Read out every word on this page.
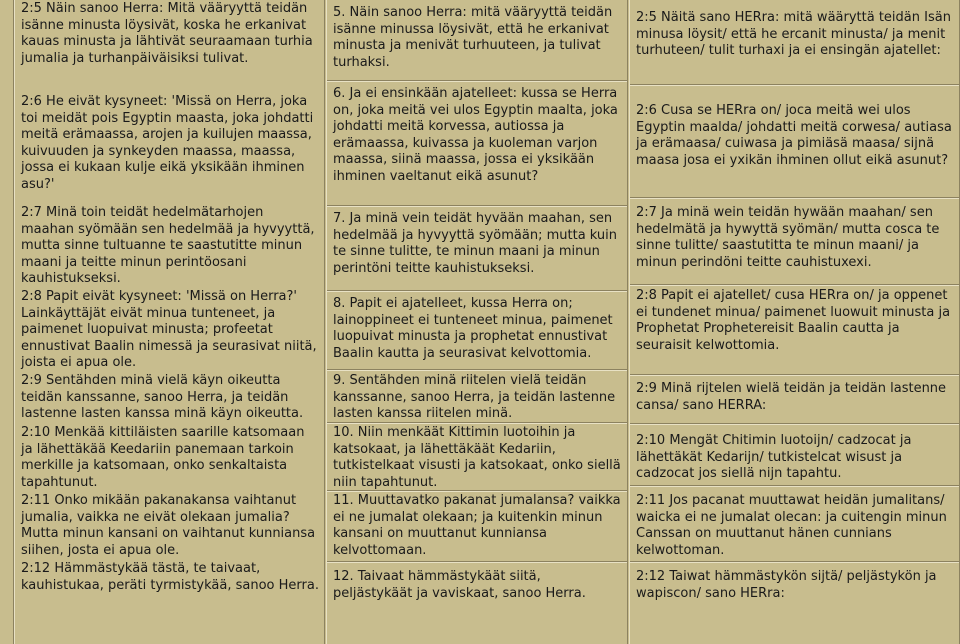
2:5 Näin sanoo Herra: Mitä vääryyttä teidän isänne minusta löysivät, koska he erkanivat kauas minusta ja lähtivät seuraamaan turhia jumalia ja turhanpäiväisiksi tulivat.

2:6 He eivät kysyneet: 'Missä on Herra, joka toi meidät pois Egyptin maasta, joka johdatti meitä erämaassa, arojen ja kuilujen maassa, kuivuuden ja synkeyden maassa, maassa, jossa ei kukaan kulje eikä yksikään ihminen asu?'

2:7 Minä toin teidät hedelmätarhojen maahan syömään sen hedelmää ja hyvyyttä, mutta sinne tultuanne te saastutitte minun maani ja teitte minun perintöosani kauhistukseksi.

2:8 Papit eivät kysyneet: 'Missä on Herra?' Lainkäyttäjät eivät minua tunteneet, ja paimenet luopuivat minusta; profeetat ennustivat Baalin nimessä ja seurasivat niitä, joista ei apua ole.

2:9 Sentähden minä vielä käyn oikeutta teidän kanssanne, sanoo Herra, ja teidän lastenne lasten kanssa minä käyn oikeutta.

2:10 Menkää kittiläisten saarille katsomaan ja lähettäkää Keedariin panemaan tarkoin merkille ja katsomaan, onko senkaltaista tapahtunut.

2:11 Onko mikään pakanakansa vaihtanut jumalia, vaikka ne eivät olekaan jumalia? Mutta minun kansani on vaihtanut kunniansa siihen, josta ei apua ole.

2:12 Hämmästykää tästä, te taivaat, kauhistukaa, peräti tyrmistykää, sanoo Herra.

5. Näin sanoo Herra: mitä vääryyttä teidän isänne minussa löysivät, että he erkanivat minusta ja menivät turhuuteen, ja tulivat turhaksi.

6. Ja ei ensinkään ajatelleet: kussa se Herra on, joka meitä vei ulos Egyptin maalta, joka johdatti meitä korvessa, autiossa ja erämaassa, kuivassa ja kuoleman varjon maassa, siinä maassa, jossa ei yksikään ihminen vaeltanut eikä asunut?

7. Ja minä vein teidät hyvään maahan, sen hedelmää ja hyvyyttä syömään; mutta kuin te sinne tulitte, te minun maani ja minun perintöni teitte kauhistukseksi.

8. Papit ei ajatelleet, kussa Herra on; lainoppineet ei tunteneet minua, paimenet luopuivat minusta ja prophetat ennustivat Baalin kautta ja seurasivat kelvottomia.

9. Sentähden minä riitelen vielä teidän kanssanne, sanoo Herra, ja teidän lastenne lasten kanssa riitelen minä.

10. Niin menkäät Kittimin luotoihin ja katsokaat, ja lähettäkäät Kedariin, tutkistelkaat visusti ja katsokaat, onko siellä niin tapahtunut.

11. Muuttavatko pakanat jumalansa? vaikka ei ne jumalat olekaan; ja kuitenkin minun kansani on muuttanut kunniansa kelvottomaan.

12. Taivaat hämmästykäät siitä, peljästykäät ja vaviskaat, sanoo Herra.

2:5 Näitä sano HERra: mitä wääryttä teidän Isän minusa löysit/ että he ercanit minusta/ ja menit turhuteen/ tulit turhaxi ja ei ensingän ajatellet:

2:6 Cusa se HERra on/ joca meitä wei ulos Egyptin maalda/ johdatti meitä corwesa/ autiasa ja erämaasa/ cuiwasa ja pimiäsä maasa/ sijnä maasa josa ei yxikän ihminen ollut eikä asunut?

2:7 Ja minä wein teidän hywään maahan/ sen hedelmätä ja hywyttä syömän/ mutta cosca te sinne tulitte/ saastutitta te minun maani/ ja minun perindöni teitte cauhistuxexi.

2:8 Papit ei ajatellet/ cusa HERra on/ ja oppenet ei tundenet minua/ paimenet luowuit minusta ja Prophetat Prophetereisit Baalin cautta ja seuraisit kelwottomia.

2:9 Minä rijtelen wielä teidän ja teidän lastenne cansa/ sano HERRA:

2:10 Mengät Chitimin luotoijn/ cadzocat ja lähettäkät Kedarijn/ tutkistelcat wisust ja cadzocat jos siellä nijn tapahtu.

2:11 Jos pacanat muuttawat heidän jumalitans/ waicka ei ne jumalat olecan: ja cuitengin minun Canssan on muuttanut hänen cunnians kelwottoman.

2:12 Taiwat hämmästykön sijtä/ peljästykön ja wapiscon/ sano HERra:
